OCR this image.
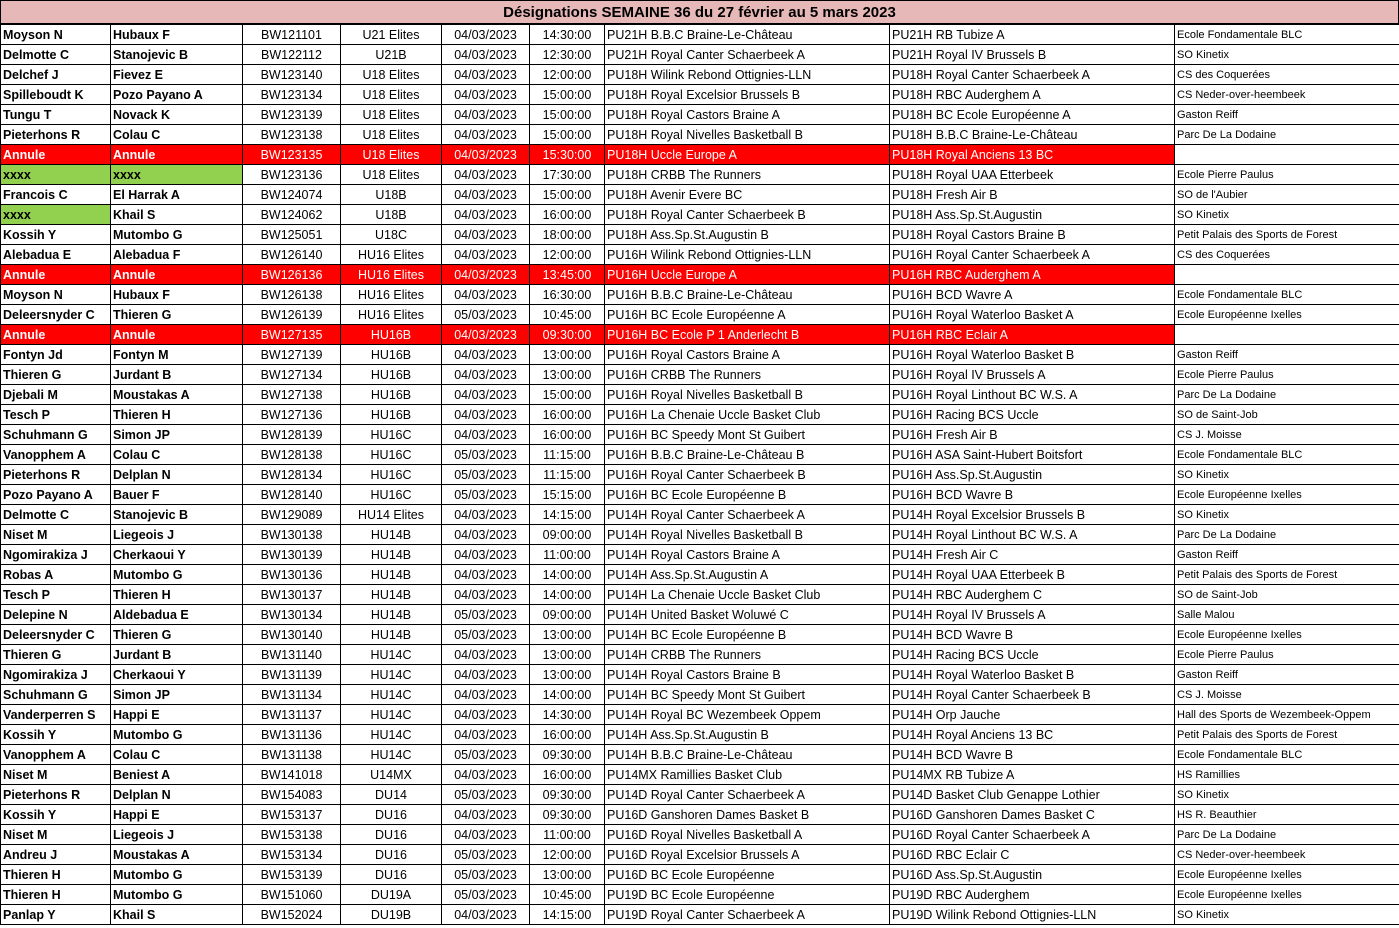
Désignations SEMAINE 36 du 27 février au 5 mars 2023
Moyson N	Hubaux F	BW121101	U21 Elites	04/03/2023	14:30:00	PU21H B.B.C Braine-Le-Château	PU21H RB Tubize A	Ecole Fondamentale BLC
Delmotte C	Stanojevic B	BW122112	U21B	04/03/2023	12:30:00	PU21H Royal Canter Schaerbeek A	PU21H Royal IV Brussels B	SO Kinetix
Delchef J	Fievez E	BW123140	U18 Elites	04/03/2023	12:00:00	PU18H Wilink Rebond Ottignies-LLN	PU18H Royal Canter Schaerbeek A	CS des Coquerées
Spilleboudt K	Pozo Payano A	BW123134	U18 Elites	04/03/2023	15:00:00	PU18H Royal Excelsior Brussels B	PU18H RBC Auderghem A	CS Neder-over-heembeek
Tungu T	Novack K	BW123139	U18 Elites	04/03/2023	15:00:00	PU18H Royal Castors Braine A	PU18H BC Ecole Européenne A	Gaston Reiff
Pieterhons R	Colau C	BW123138	U18 Elites	04/03/2023	15:00:00	PU18H Royal Nivelles Basketball B	PU18H B.B.C Braine-Le-Château	Parc De La Dodaine
Annule	Annule	BW123135	U18 Elites	04/03/2023	15:30:00	PU18H Uccle Europe A	PU18H Royal Anciens 13 BC	
xxxx	xxxx	BW123136	U18 Elites	04/03/2023	17:30:00	PU18H CRBB The Runners	PU18H Royal UAA Etterbeek	Ecole Pierre Paulus
Francois C	El Harrak A	BW124074	U18B	04/03/2023	15:00:00	PU18H Avenir Evere BC	PU18H Fresh Air B	SO de l'Aubier
xxxx	Khail S	BW124062	U18B	04/03/2023	16:00:00	PU18H Royal Canter Schaerbeek B	PU18H Ass.Sp.St.Augustin	SO Kinetix
Kossih Y	Mutombo G	BW125051	U18C	04/03/2023	18:00:00	PU18H Ass.Sp.St.Augustin B	PU18H Royal Castors Braine B	Petit Palais des Sports de Forest
Alebadua E	Alebadua F	BW126140	HU16 Elites	04/03/2023	12:00:00	PU16H Wilink Rebond Ottignies-LLN	PU16H Royal Canter Schaerbeek A	CS des Coquerées
Annule	Annule	BW126136	HU16 Elites	04/03/2023	13:45:00	PU16H Uccle Europe A	PU16H RBC Auderghem A	
Moyson N	Hubaux F	BW126138	HU16 Elites	04/03/2023	16:30:00	PU16H B.B.C Braine-Le-Château	PU16H BCD Wavre A	Ecole Fondamentale BLC
Deleersnyder C	Thieren G	BW126139	HU16 Elites	05/03/2023	10:45:00	PU16H BC Ecole Européenne A	PU16H Royal Waterloo Basket A	Ecole Européenne Ixelles
Annule	Annule	BW127135	HU16B	04/03/2023	09:30:00	PU16H BC Ecole P 1 Anderlecht B	PU16H RBC Eclair A	
Fontyn Jd	Fontyn M	BW127139	HU16B	04/03/2023	13:00:00	PU16H Royal Castors Braine A	PU16H Royal Waterloo Basket B	Gaston Reiff
Thieren G	Jurdant B	BW127134	HU16B	04/03/2023	13:00:00	PU16H CRBB The Runners	PU16H Royal IV Brussels A	Ecole Pierre Paulus
Djebali M	Moustakas A	BW127138	HU16B	04/03/2023	15:00:00	PU16H Royal Nivelles Basketball B	PU16H Royal Linthout BC W.S. A	Parc De La Dodaine
Tesch P	Thieren H	BW127136	HU16B	04/03/2023	16:00:00	PU16H La Chenaie Uccle Basket Club	PU16H Racing BCS Uccle	SO de Saint-Job
Schuhmann G	Simon JP	BW128139	HU16C	04/03/2023	16:00:00	PU16H BC Speedy Mont St Guibert	PU16H Fresh Air B	CS J. Moisse
Vanopphem A	Colau C	BW128138	HU16C	05/03/2023	11:15:00	PU16H B.B.C Braine-Le-Château B	PU16H ASA Saint-Hubert Boitsfort	Ecole Fondamentale BLC
Pieterhons R	Delplan N	BW128134	HU16C	05/03/2023	11:15:00	PU16H Royal Canter Schaerbeek B	PU16H Ass.Sp.St.Augustin	SO Kinetix
Pozo Payano A	Bauer F	BW128140	HU16C	05/03/2023	15:15:00	PU16H BC Ecole Européenne B	PU16H BCD Wavre B	Ecole Européenne Ixelles
Delmotte C	Stanojevic B	BW129089	HU14 Elites	04/03/2023	14:15:00	PU14H Royal Canter Schaerbeek A	PU14H Royal Excelsior Brussels B	SO Kinetix
Niset M	Liegeois J	BW130138	HU14B	04/03/2023	09:00:00	PU14H Royal Nivelles Basketball B	PU14H Royal Linthout BC W.S. A	Parc De La Dodaine
Ngomirakiza J	Cherkaoui Y	BW130139	HU14B	04/03/2023	11:00:00	PU14H Royal Castors Braine A	PU14H Fresh Air C	Gaston Reiff
Robas A	Mutombo G	BW130136	HU14B	04/03/2023	14:00:00	PU14H Ass.Sp.St.Augustin A	PU14H Royal UAA Etterbeek B	Petit Palais des Sports de Forest
Tesch P	Thieren H	BW130137	HU14B	04/03/2023	14:00:00	PU14H La Chenaie Uccle Basket Club	PU14H RBC Auderghem C	SO de Saint-Job
Delepine N	Aldebadua E	BW130134	HU14B	05/03/2023	09:00:00	PU14H United Basket Woluwé C	PU14H Royal IV Brussels A	Salle Malou
Deleersnyder C	Thieren G	BW130140	HU14B	05/03/2023	13:00:00	PU14H BC Ecole Européenne B	PU14H BCD Wavre B	Ecole Européenne Ixelles
Thieren G	Jurdant B	BW131140	HU14C	04/03/2023	13:00:00	PU14H CRBB The Runners	PU14H Racing BCS Uccle	Ecole Pierre Paulus
Ngomirakiza J	Cherkaoui Y	BW131139	HU14C	04/03/2023	13:00:00	PU14H Royal Castors Braine B	PU14H Royal Waterloo Basket B	Gaston Reiff
Schuhmann G	Simon JP	BW131134	HU14C	04/03/2023	14:00:00	PU14H BC Speedy Mont St Guibert	PU14H Royal Canter Schaerbeek B	CS J. Moisse
Vanderperren S	Happi E	BW131137	HU14C	04/03/2023	14:30:00	PU14H Royal BC Wezembeek Oppem	PU14H Orp Jauche	Hall des Sports de Wezembeek-Oppem
Kossih Y	Mutombo G	BW131136	HU14C	04/03/2023	16:00:00	PU14H Ass.Sp.St.Augustin B	PU14H Royal Anciens 13 BC	Petit Palais des Sports de Forest
Vanopphem A	Colau C	BW131138	HU14C	05/03/2023	09:30:00	PU14H B.B.C Braine-Le-Château	PU14H BCD Wavre B	Ecole Fondamentale BLC
Niset M	Beniest A	BW141018	U14MX	04/03/2023	16:00:00	PU14MX Ramillies Basket Club	PU14MX RB Tubize A	HS Ramillies
Pieterhons R	Delplan N	BW154083	DU14	05/03/2023	09:30:00	PU14D Royal Canter Schaerbeek A	PU14D Basket Club Genappe Lothier	SO Kinetix
Kossih Y	Happi E	BW153137	DU16	04/03/2023	09:30:00	PU16D Ganshoren Dames Basket B	PU16D Ganshoren Dames Basket C	HS R. Beauthier
Niset M	Liegeois J	BW153138	DU16	04/03/2023	11:00:00	PU16D Royal Nivelles Basketball A	PU16D Royal Canter Schaerbeek A	Parc De La Dodaine
Andreu J	Moustakas A	BW153134	DU16	05/03/2023	12:00:00	PU16D Royal Excelsior Brussels A	PU16D RBC Eclair C	CS Neder-over-heembeek
Thieren H	Mutombo G	BW153139	DU16	05/03/2023	13:00:00	PU16D BC Ecole Européenne	PU16D Ass.Sp.St.Augustin	Ecole Européenne Ixelles
Thieren H	Mutombo G	BW151060	DU19A	05/03/2023	10:45:00	PU19D BC Ecole Européenne	PU19D RBC Auderghem	Ecole Européenne Ixelles
Panlap Y	Khail S	BW152024	DU19B	04/03/2023	14:15:00	PU19D Royal Canter Schaerbeek A	PU19D Wilink Rebond Ottignies-LLN	SO Kinetix
